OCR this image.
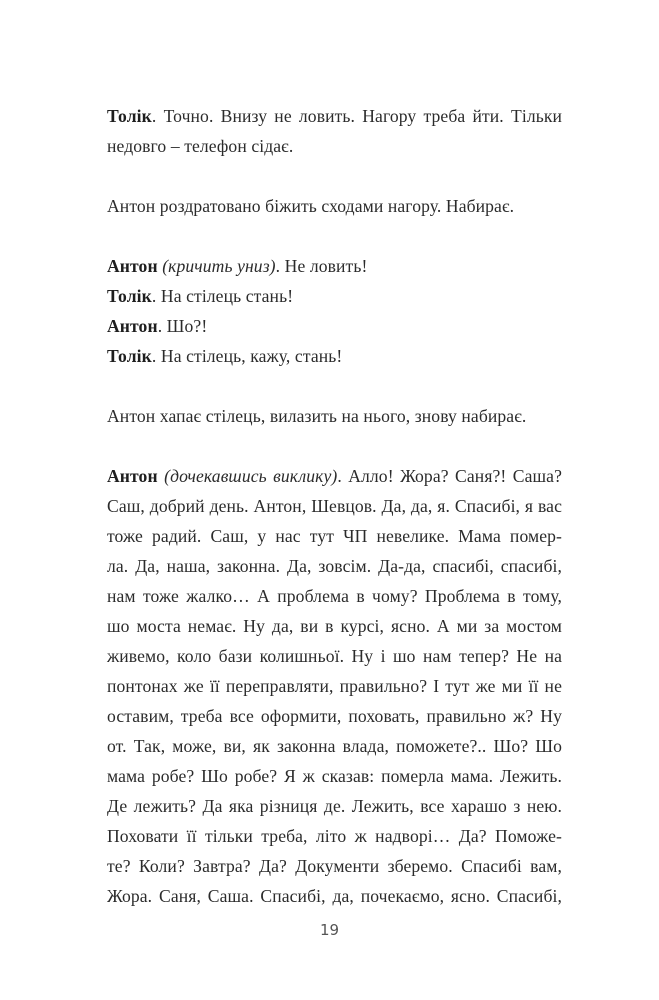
Толік. Точно. Внизу не ловить. Нагору треба йти. Тільки
недовго – телефон сідає.
Антон роздратовано біжить сходами нагору. Набирає.
Антон (кричить униз). Не ловить!
Толік. На стілець стань!
Антон. Шо?!
Толік. На стілець, кажу, стань!
Антон хапає стілець, вилазить на нього, знову набирає.
Антон (дочекавшись виклику). Алло! Жора? Саня?! Саша?
Саш, добрий день. Антон, Шевцов. Да, да, я. Спасибі, я вас
тоже радий. Саш, у нас тут ЧП невелике. Мама помер-
ла. Да, наша, законна. Да, зовсім. Да-да, спасибі, спасибі,
нам тоже жалко… А проблема в чому? Проблема в тому,
шо моста немає. Ну да, ви в курсі, ясно. А ми за мостом
живемо, коло бази колишньої. Ну і шо нам тепер? Не на
понтонах же її переправляти, правильно? І тут же ми її не
оставим, треба все оформити, поховать, правильно ж? Ну
от. Так, може, ви, як законна влада, поможете?.. Шо? Шо
мама робе? Шо робе? Я ж сказав: померла мама. Лежить.
Де лежить? Да яка різниця де. Лежить, все харашо з нею.
Поховати її тільки треба, літо ж надворі… Да? Поможе-
те? Коли? Завтра? Да? Документи зберемо. Спасибі вам,
Жора. Саня, Саша. Спасибі, да, почекаємо, ясно. Спасибі,
19
